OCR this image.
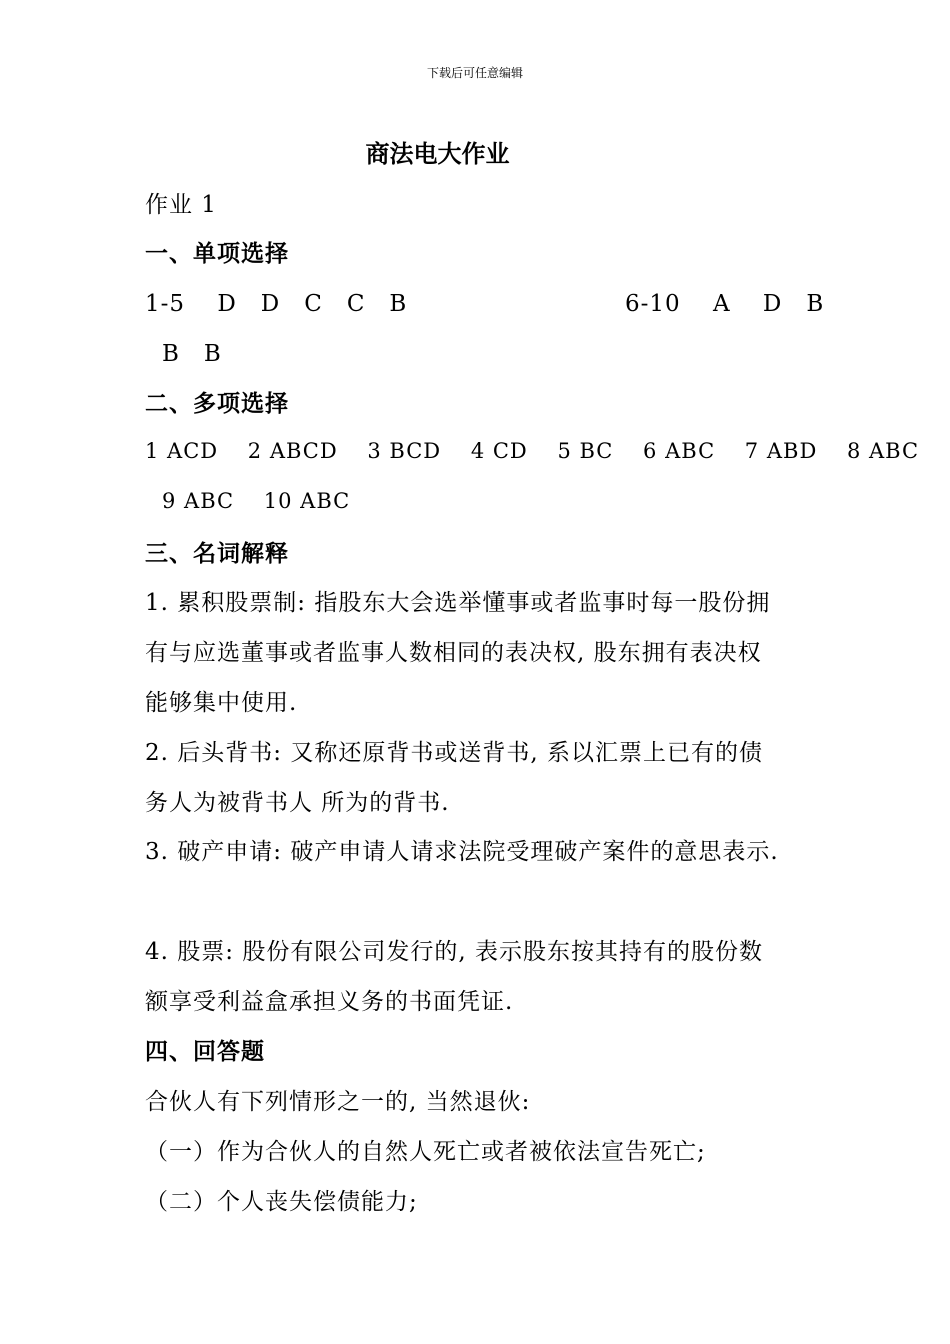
下载后可任意编辑
商法电大作业
作业 1
一、单项选择
1-5　 D　D　C　C　B	6-10　 A　 D　B
B　B
二、多项选择
1 ACD　 2 ABCD　 3 BCD　 4 CD　 5 BC　 6 ABC　 7 ABD　 8 ABC
9 ABC　 10 ABC
三、名词解释
1. 累积股票制: 指股东大会选举懂事或者监事时每一股份拥
有与应选董事或者监事人数相同的表决权, 股东拥有表决权
能够集中使用.
2. 后头背书: 又称还原背书或送背书, 系以汇票上已有的债
务人为被背书人 所为的背书.
3. 破产申请: 破产申请人请求法院受理破产案件的意思表示.
4. 股票: 股份有限公司发行的, 表示股东按其持有的股份数
额享受利益盒承担义务的书面凭证.
四、回答题
合伙人有下列情形之一的, 当然退伙:
（一）作为合伙人的自然人死亡或者被依法宣告死亡;
（二）个人丧失偿债能力;
